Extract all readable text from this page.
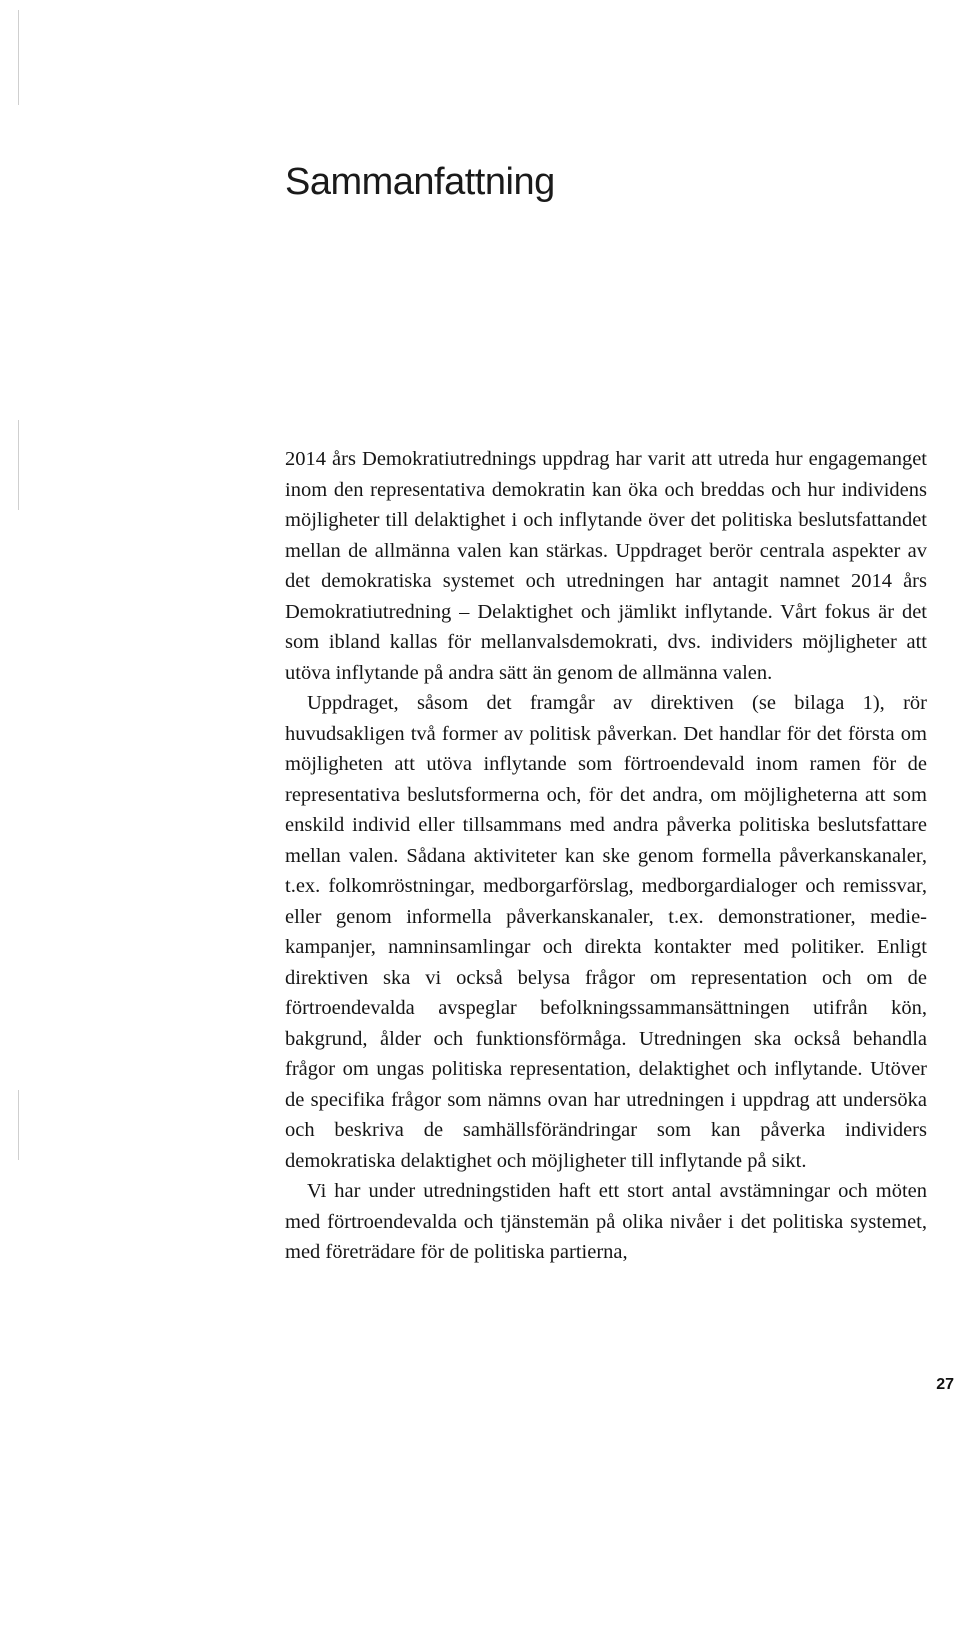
Sammanfattning

2014 års Demokratiutrednings uppdrag har varit att utreda hur engagemanget inom den representativa demokratin kan öka och breddas och hur individens möjligheter till delaktighet i och inflytande över det politiska beslutsfattandet mellan de allmänna valen kan stärkas. Uppdraget berör centrala aspekter av det demokratiska systemet och utredningen har antagit namnet 2014 års Demokratiutredning – Delaktighet och jämlikt inflytande. Vårt fokus är det som ibland kallas för mellanvalsdemokrati, dvs. individers möjligheter att utöva inflytande på andra sätt än genom de allmänna valen.

Uppdraget, såsom det framgår av direktiven (se bilaga 1), rör huvudsakligen två former av politisk påverkan. Det handlar för det första om möjligheten att utöva inflytande som förtroendevald inom ramen för de representativa beslutsformerna och, för det andra, om möjligheterna att som enskild individ eller tillsammans med andra påverka politiska beslutsfattare mellan valen. Sådana aktiviteter kan ske genom formella påverkanskanaler, t.ex. folkomröstningar, medborgarförslag, medborgardialoger och remissvar, eller genom informella påverkanskanaler, t.ex. demonstrationer, mediekampanjer, namninsamlingar och direkta kontakter med politiker. Enligt direktiven ska vi också belysa frågor om representation och om de förtroendevalda avspeglar befolkningssammansättningen utifrån kön, bakgrund, ålder och funktionsförmåga. Utredningen ska också behandla frågor om ungas politiska representation, delaktighet och inflytande. Utöver de specifika frågor som nämns ovan har utredningen i uppdrag att undersöka och beskriva de samhällsförändringar som kan påverka individers demokratiska delaktighet och möjligheter till inflytande på sikt.

Vi har under utredningstiden haft ett stort antal avstämningar och möten med förtroendevalda och tjänstemän på olika nivåer i det politiska systemet, med företrädare för de politiska partierna,

27
